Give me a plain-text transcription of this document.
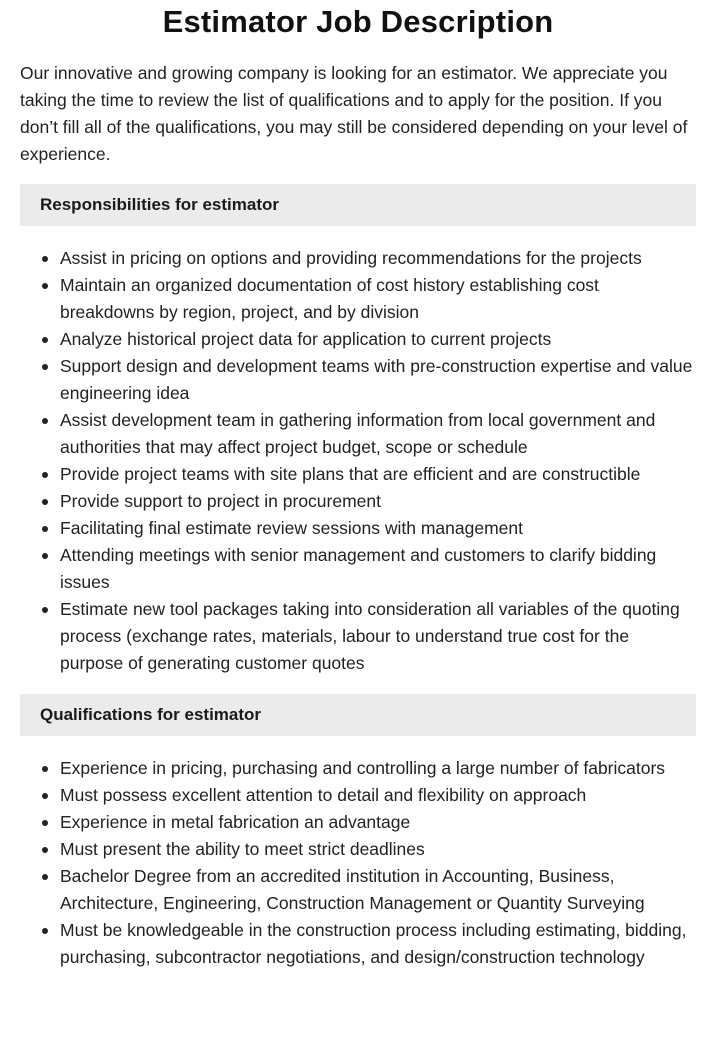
Estimator Job Description

Our innovative and growing company is looking for an estimator. We appreciate you taking the time to review the list of qualifications and to apply for the position. If you don’t fill all of the qualifications, you may still be considered depending on your level of experience.

Responsibilities for estimator
Assist in pricing on options and providing recommendations for the projects
Maintain an organized documentation of cost history establishing cost breakdowns by region, project, and by division
Analyze historical project data for application to current projects
Support design and development teams with pre-construction expertise and value engineering idea
Assist development team in gathering information from local government and authorities that may affect project budget, scope or schedule
Provide project teams with site plans that are efficient and are constructible
Provide support to project in procurement
Facilitating final estimate review sessions with management
Attending meetings with senior management and customers to clarify bidding issues
Estimate new tool packages taking into consideration all variables of the quoting process (exchange rates, materials, labour to understand true cost for the purpose of generating customer quotes
Qualifications for estimator
Experience in pricing, purchasing and controlling a large number of fabricators
Must possess excellent attention to detail and flexibility on approach
Experience in metal fabrication an advantage
Must present the ability to meet strict deadlines
Bachelor Degree from an accredited institution in Accounting, Business, Architecture, Engineering, Construction Management or Quantity Surveying
Must be knowledgeable in the construction process including estimating, bidding, purchasing, subcontractor negotiations, and design/construction technology
